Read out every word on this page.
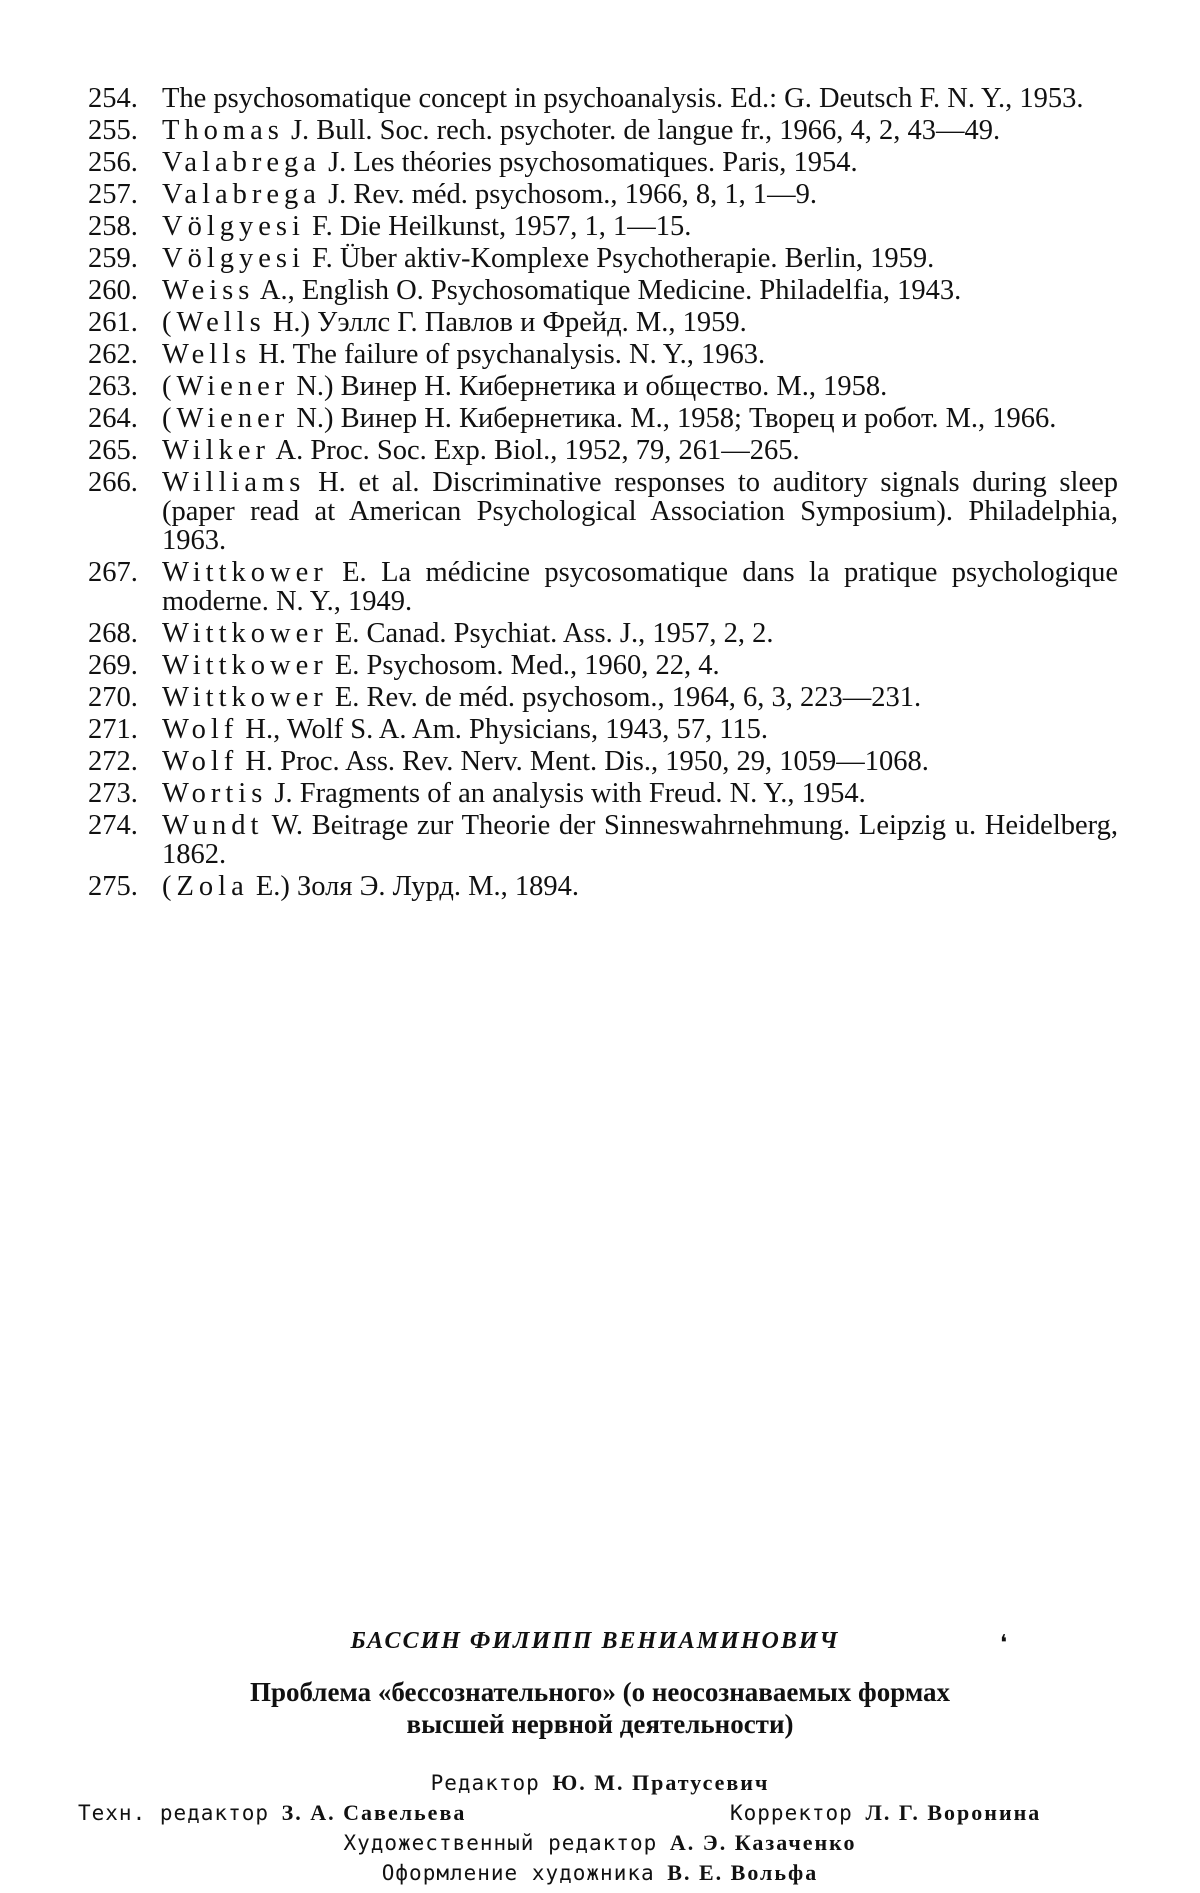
254. The psychosomatique concept in psychoanalysis. Ed.: G. Deutsch F. N. Y., 1953.
255. Thomas J. Bull. Soc. rech. psychoter. de langue fr., 1966, 4, 2, 43—49.
256. Valabrega J. Les théories psychosomatiques. Paris, 1954.
257. Valabrega J. Rev. méd. psychosom., 1966, 8, 1, 1—9.
258. Völgyesi F. Die Heilkunst, 1957, 1, 1—15.
259. Völgyesi F. Über aktiv-Komplexe Psychotherapie. Berlin, 1959.
260. Weiss A., English O. Psychosomatique Medicine. Philadelfia, 1943.
261. (Wells H.) Уэллс Г. Павлов и Фрейд. М., 1959.
262. Wells H. The failure of psychanalysis. N. Y., 1963.
263. (Wiener N.) Винер Н. Кибернетика и общество. М., 1958.
264. (Wiener N.) Винер Н. Кибернетика. М., 1958; Творец и робот. М., 1966.
265. Wilker A. Proc. Soc. Exp. Biol., 1952, 79, 261—265.
266. Williams H. et al. Discriminative responses to auditory signals during sleep (paper read at American Psychological Association Symposium). Philadelphia, 1963.
267. Wittkower E. La médicine psycosomatique dans la pratique psychologique moderne. N. Y., 1949.
268. Wittkower E. Canad. Psychiat. Ass. J., 1957, 2, 2.
269. Wittkower E. Psychosom. Med., 1960, 22, 4.
270. Wittkower E. Rev. de méd. psychosom., 1964, 6, 3, 223—231.
271. Wolf H., Wolf S. A. Am. Physicians, 1943, 57, 115.
272. Wolf H. Proc. Ass. Rev. Nerv. Ment. Dis., 1950, 29, 1059—1068.
273. Wortis J. Fragments of an analysis with Freud. N. Y., 1954.
274. Wundt W. Beitrage zur Theorie der Sinneswahrnehmung. Leipzig u. Heidelberg, 1862.
275. (Zola E.) Золя Э. Лурд. М., 1894.
БАССИН ФИЛИПП ВЕНИАМИНОВИЧ	❛
Проблема «бессознательного» (о неосознаваемых формах
высшей нервной деятельности)
Редактор Ю. М. Пратусевич
Техн. редактор З. А. Савельева	Корректор Л. Г. Воронина
Художественный редактор А. Э. Казаченко
Оформление художника В. Е. Вольфа
